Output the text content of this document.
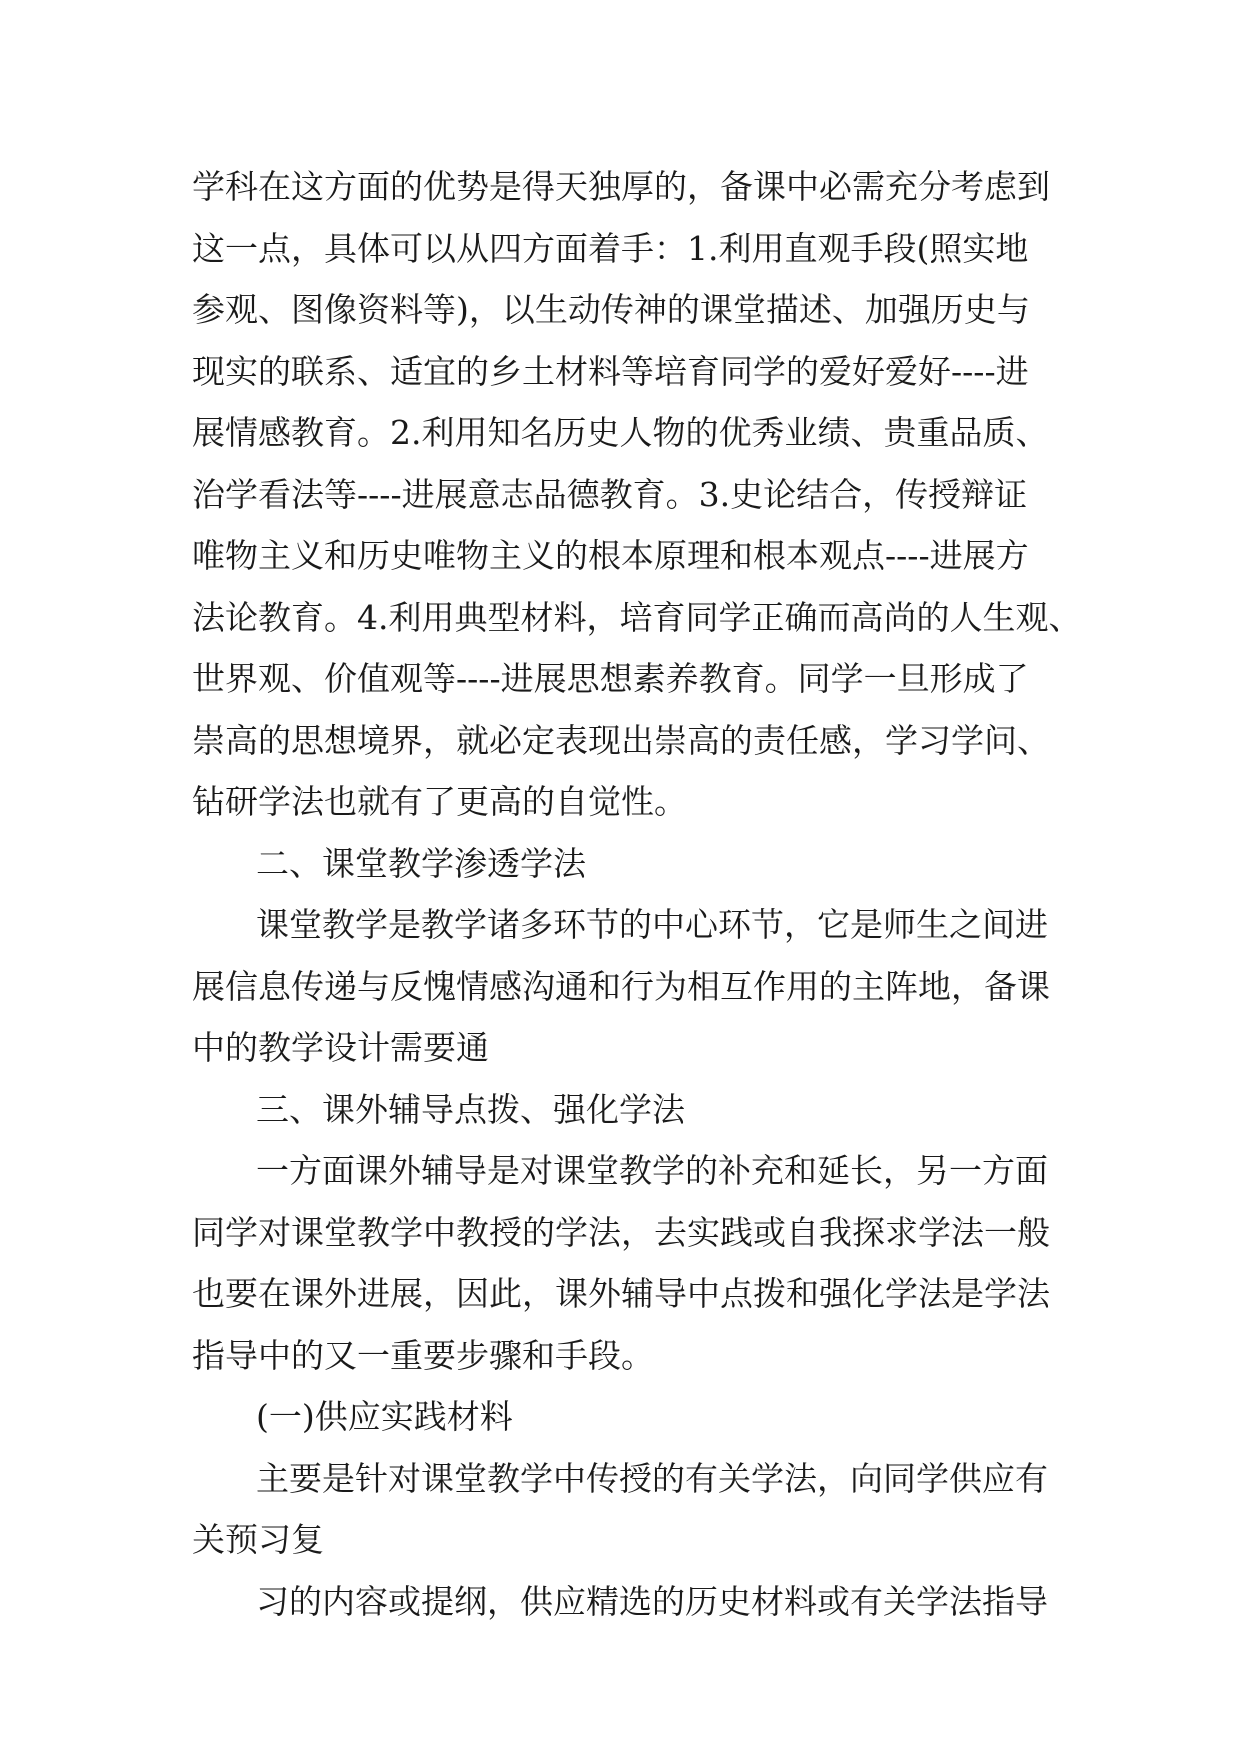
学科在这方面的优势是得天独厚的，备课中必需充分考虑到
这一点，具体可以从四方面着手：1.利用直观手段(照实地
参观、图像资料等)，以生动传神的课堂描述、加强历史与
现实的联系、适宜的乡土材料等培育同学的爱好爱好----进
展情感教育。2.利用知名历史人物的优秀业绩、贵重品质、
治学看法等----进展意志品德教育。3.史论结合，传授辩证
唯物主义和历史唯物主义的根本原理和根本观点----进展方
法论教育。4.利用典型材料，培育同学正确而高尚的人生观、
世界观、价值观等----进展思想素养教育。同学一旦形成了
崇高的思想境界，就必定表现出崇高的责任感，学习学问、
钻研学法也就有了更高的自觉性。
二、课堂教学渗透学法
课堂教学是教学诸多环节的中心环节，它是师生之间进
展信息传递与反愧情感沟通和行为相互作用的主阵地，备课
中的教学设计需要通
三、课外辅导点拨、强化学法
一方面课外辅导是对课堂教学的补充和延长，另一方面
同学对课堂教学中教授的学法，去实践或自我探求学法一般
也要在课外进展，因此，课外辅导中点拨和强化学法是学法
指导中的又一重要步骤和手段。
(一)供应实践材料
主要是针对课堂教学中传授的有关学法，向同学供应有
关预习复
习的内容或提纲，供应精选的历史材料或有关学法指导
